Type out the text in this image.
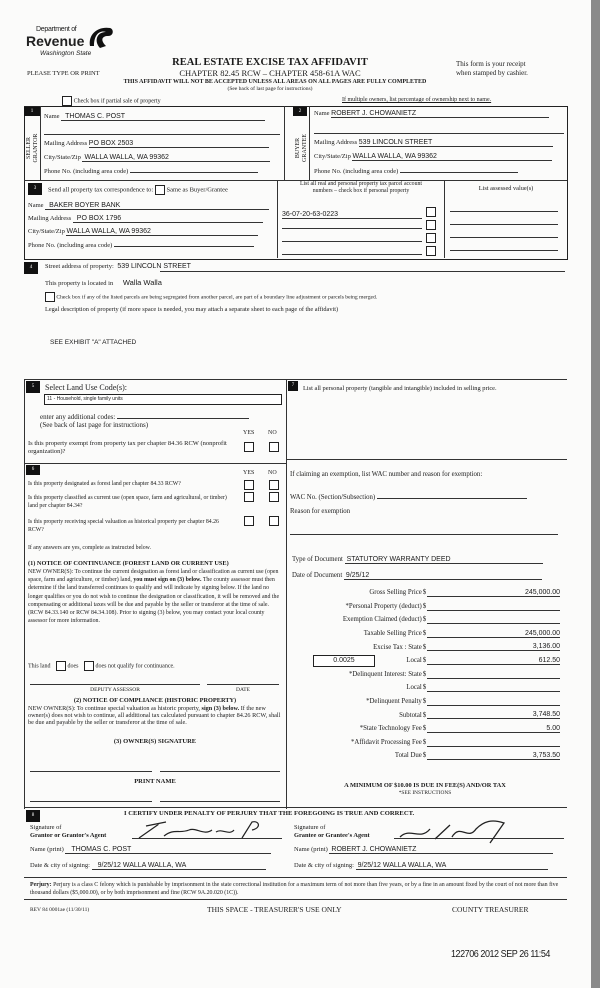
Department of
Revenue
Washington State
PLEASE TYPE OR PRINT
REAL ESTATE EXCISE TAX AFFIDAVIT
CHAPTER 82.45 RCW – CHAPTER 458-61A WAC
This form is your receipt
when stamped by cashier.
THIS AFFIDAVIT WILL NOT BE ACCEPTED UNLESS ALL AREAS ON ALL PAGES ARE FULLY COMPLETED
(See back of last page for instructions)
Check box if partial sale of property	If multiple owners, list percentage of ownership next to name.
1
SELLER
GRANTOR
Name THOMAS C. POST
Mailing Address PO BOX 2503
City/State/Zip WALLA WALLA, WA 99362
Phone No. (including area code)
2
BUYER
GRANTEE
Name ROBERT J. CHOWANIETZ
Mailing Address 539 LINCOLN STREET
City/State/Zip WALLA WALLA, WA 99362
Phone No. (including area code)
3	Send all property tax correspondence to: Same as Buyer/Grantee
Name BAKER BOYER BANK
Mailing Address PO BOX 1796
City/State/Zip WALLA WALLA, WA 99362
Phone No. (including area code)
List all real and personal property tax parcel account
numbers – check box if personal property	List assessed value(s)
36-07-20-63-0223

4	Street address of property: 539 LINCOLN STREET
This property is located in Walla Walla
Check box if any of the listed parcels are being segregated from another parcel, are part of a boundary line adjustment or parcels being merged.
Legal description of property (if more space is needed, you may attach a separate sheet to each page of the affidavit)
SEE EXHIBIT "A" ATTACHED
5	Select Land Use Code(s):
11 - Household, single family units
enter any additional codes:
(See back of last page for instructions)
YES NO
Is this property exempt from property tax per chapter 84.36 RCW (nonprofit organization)?
6
YES NO
Is this property designated as forest land per chapter 84.33 RCW?
Is this property classified as current use (open space, farm and agricultural, or timber) land per chapter 84.34?
Is this property receiving special valuation as historical property per chapter 84.26 RCW?
If any answers are yes, complete as instructed below.
(1) NOTICE OF CONTINUANCE (FOREST LAND OR CURRENT USE)
NEW OWNER(S): To continue the current designation as forest land or classification as current use (open space, farm and agriculture, or timber) land, you must sign on (3) below. The county assessor must then determine if the land transferred continues to qualify and will indicate by signing below. If the land no longer qualifies or you do not wish to continue the designation or classification, it will be removed and the compensating or additional taxes will be due and payable by the seller or transferor at the time of sale. (RCW 84.33.140 or RCW 84.34.108). Prior to signing (3) below, you may contact your local county assessor for more information.
This land	does	does not qualify for continuance.
DEPUTY ASSESSOR	DATE
(2) NOTICE OF COMPLIANCE (HISTORIC PROPERTY)
NEW OWNER(S): To continue special valuation as historic property, sign (3) below. If the new owner(s) does not wish to continue, all additional tax calculated pursuant to chapter 84.26 RCW, shall be due and payable by the seller or transferor at the time of sale.
(3) OWNER(S) SIGNATURE
PRINT NAME
7	List all personal property (tangible and intangible) included in selling price.
If claiming an exemption, list WAC number and reason for exemption:
WAC No. (Section/Subsection)
Reason for exemption
Type of Document STATUTORY WARRANTY DEED
Date of Document 9/25/12
Gross Selling Price $	245,000.00
*Personal Property (deduct) $
Exemption Claimed (deduct) $
Taxable Selling Price $	245,000.00
Excise Tax : State $	3,136.00
0.0025	Local $	612.50
*Delinquent Interest: State $
Local $
*Delinquent Penalty $
Subtotal $	3,748.50
*State Technology Fee $	5.00
*Affidavit Processing Fee $
Total Due $	3,753.50
A MINIMUM OF $10.00 IS DUE IN FEE(S) AND/OR TAX
*SEE INSTRUCTIONS
8	I CERTIFY UNDER PENALTY OF PERJURY THAT THE FOREGOING IS TRUE AND CORRECT.
Signature of
Grantor or Grantor's Agent
Signature of
Grantee or Grantee's Agent
Name (print) THOMAS C. POST	Name (print) ROBERT J. CHOWANIETZ
Date & city of signing: 9/25/12 WALLA WALLA, WA	Date & city of signing: 9/25/12 WALLA WALLA, WA
Perjury: Perjury is a class C felony which is punishable by imprisonment in the state correctional institution for a maximum term of not more than five years, or by a fine in an amount fixed by the court of not more than five thousand dollars ($5,000.00), or by both imprisonment and fine (RCW 9A.20.020 (1C)).
REV 84 0001ae (11/30/11)	THIS SPACE - TREASURER'S USE ONLY	COUNTY TREASURER
122706 2012 SEP 26 11:54
